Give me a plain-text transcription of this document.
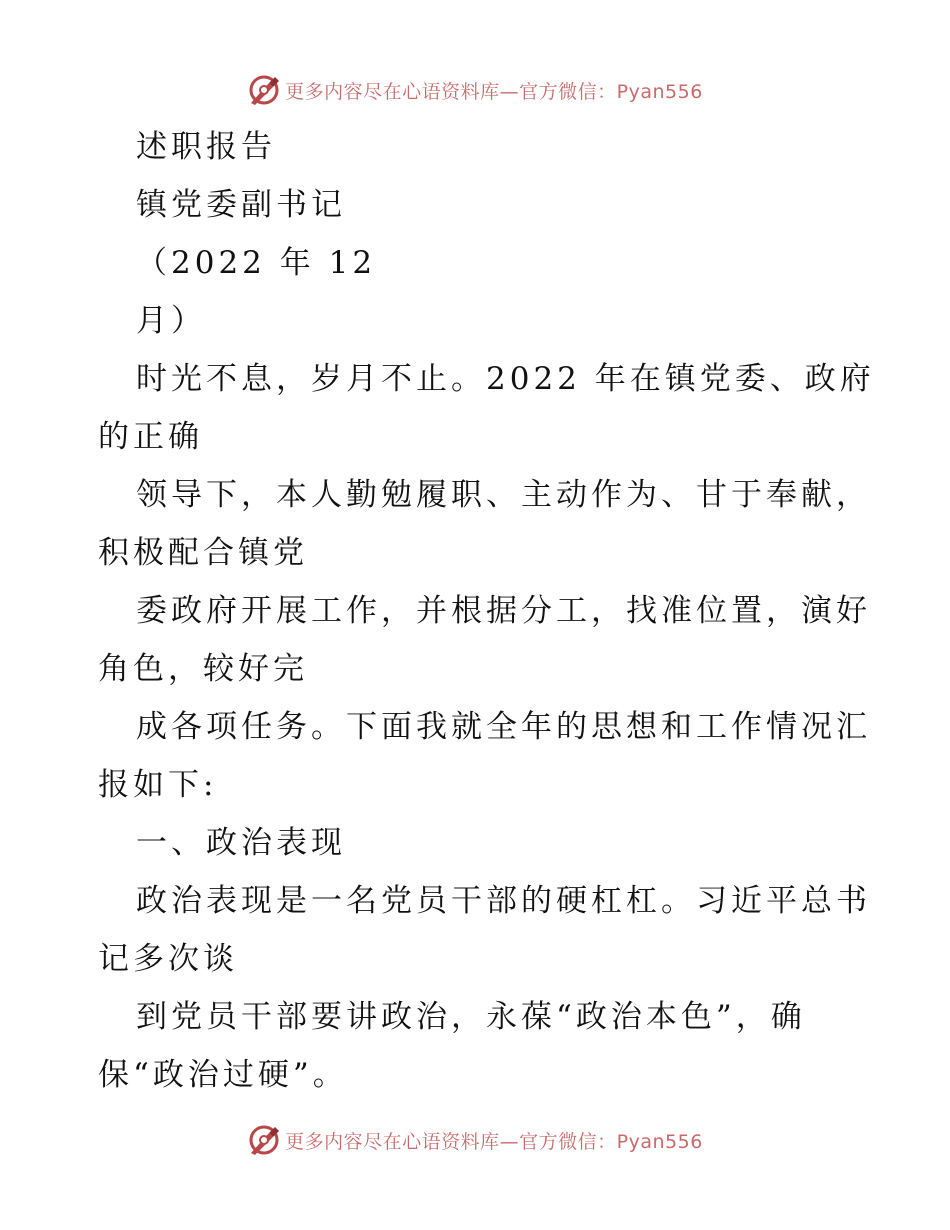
更多内容尽在心语资料库—官方微信：Pyan556
述职报告
镇党委副书记
（2022 年 12
月）
时光不息，岁月不止。2022 年在镇党委、政府
的正确
领导下，本人勤勉履职、主动作为、甘于奉献，
积极配合镇党
委政府开展工作，并根据分工，找准位置，演好
角色，较好完
成各项任务。下面我就全年的思想和工作情况汇
报如下:
一、政治表现
政治表现是一名党员干部的硬杠杠。习近平总书
记多次谈
到党员干部要讲政治，永葆“政治本色”，确
保“政治过硬”。
更多内容尽在心语资料库—官方微信：Pyan556
